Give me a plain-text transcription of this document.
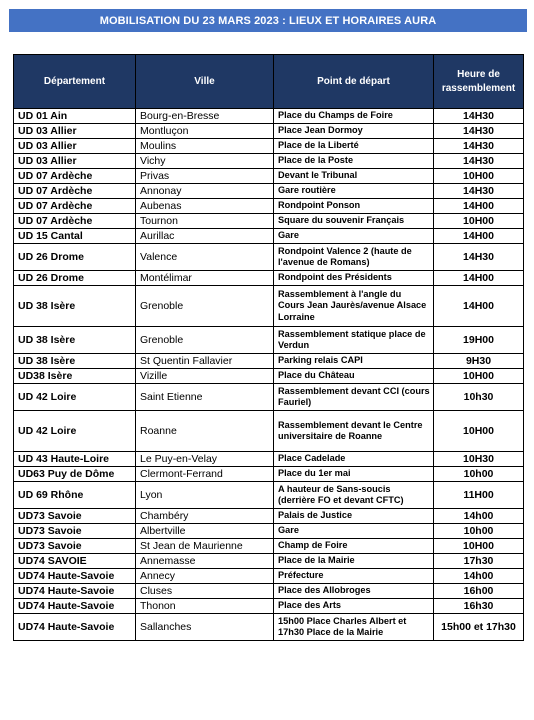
MOBILISATION DU 23 MARS 2023 : LIEUX ET HORAIRES AURA
Département	Ville	Point de départ	Heure de rassemblement
UD 01 Ain	Bourg-en-Bresse	Place du Champs de Foire	14H30
UD 03 Allier	Montluçon	Place Jean Dormoy	14H30
UD 03 Allier	Moulins	Place de la Liberté	14H30
UD 03 Allier	Vichy	Place de la Poste	14H30
UD 07 Ardèche	Privas	Devant le Tribunal	10H00
UD 07 Ardèche	Annonay	Gare routière	14H30
UD 07 Ardèche	Aubenas	Rondpoint Ponson	14H00
UD 07 Ardèche	Tournon	Square du souvenir Français	10H00
UD 15 Cantal	Aurillac	Gare	14H00
UD 26 Drome	Valence	Rondpoint Valence 2 (haute de l'avenue de Romans)	14H30
UD 26 Drome	Montélimar	Rondpoint des Présidents	14H00
UD 38 Isère	Grenoble	Rassemblement à l'angle du Cours Jean Jaurès/avenue Alsace Lorraine	14H00
UD 38 Isère	Grenoble	Rassemblement statique place de Verdun	19H00
UD 38 Isère	St Quentin Fallavier	Parking relais CAPI	9H30
UD38 Isère	Vizille	Place du Château	10H00
UD 42 Loire	Saint Etienne	Rassemblement devant CCI (cours Fauriel)	10h30
UD 42 Loire	Roanne	Rassemblement devant le Centre universitaire de Roanne	10H00
UD 43 Haute-Loire	Le Puy-en-Velay	Place Cadelade	10H30
UD63 Puy de Dôme	Clermont-Ferrand	Place du 1er mai	10h00
UD 69 Rhône	Lyon	A hauteur de Sans-soucis (derrière FO et devant CFTC)	11H00
UD73 Savoie	Chambéry	Palais de Justice	14h00
UD73 Savoie	Albertville	Gare	10h00
UD73 Savoie	St Jean de Maurienne	Champ de Foire	10H00
UD74 SAVOIE	Annemasse	Place de la Mairie	17h30
UD74 Haute-Savoie	Annecy	Préfecture	14h00
UD74 Haute-Savoie	Cluses	Place des Allobroges	16h00
UD74 Haute-Savoie	Thonon	Place des Arts	16h30
UD74 Haute-Savoie	Sallanches	15h00 Place Charles Albert et 17h30 Place de la Mairie	15h00 et 17h30
